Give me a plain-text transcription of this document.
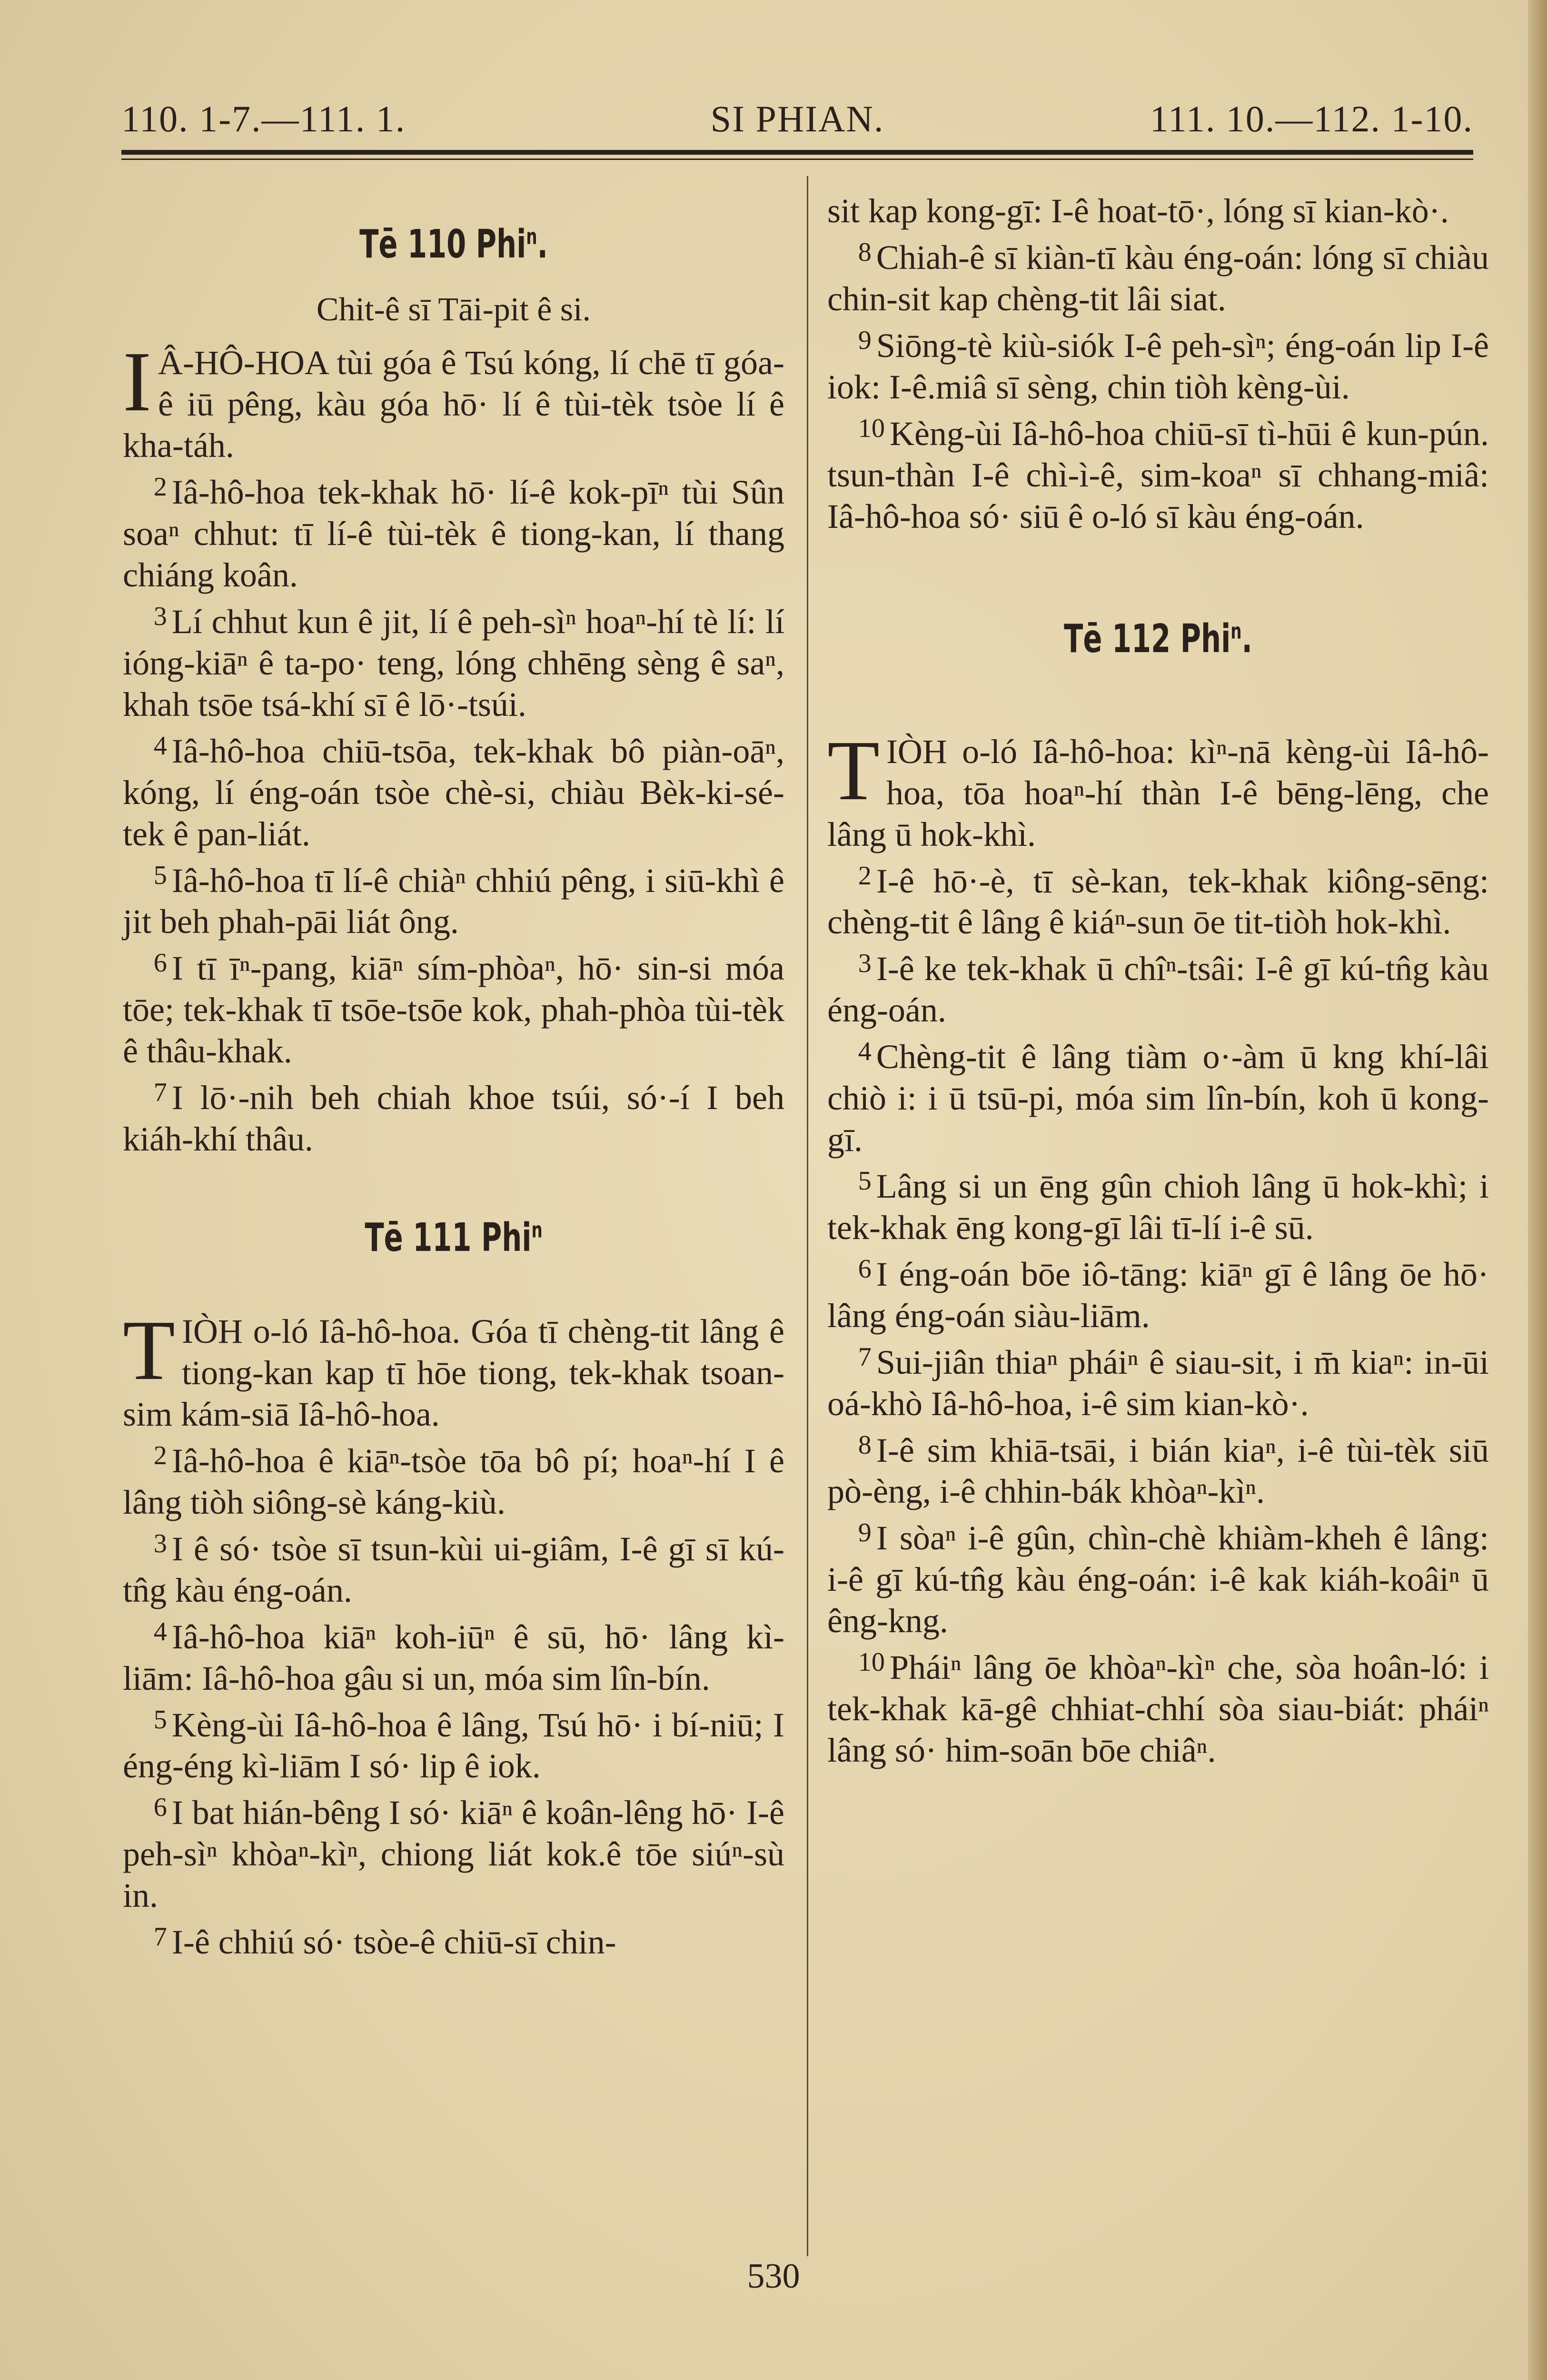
110. 1-7.—111. 1.	SI PHIAN.	111. 10.—112. 1-10.

Tē 110 Phi$^n$.

Chit-ê sī Tāi-pit ê si.

I Â-HÔ-HOA tùi góa ê Tsú kóng, lí chē tī góa-ê iū pêng, kàu góa hō· lí ê tùi-tèk tsòe lí ê kha-táh.

$^2$ Iâ-hô-hoa tek-khak hō· lí-ê kok-pīⁿ tùi Sûn soaⁿ chhut: tī lí-ê tùi-tèk ê tiong-kan, lí thang chiáng koân.

$^3$ Lí chhut kun ê jit, lí ê peh-sìⁿ hoaⁿ-hí tè lí: lí ióng-kiāⁿ ê ta-po· teng, lóng chhēng sèng ê saⁿ, khah tsōe tsá-khí sī ê lō·-tsúi.

$^4$ Iâ-hô-hoa chiū-tsōa, tek-khak bô piàn-oāⁿ, kóng, lí éng-oán tsòe chè-si, chiàu Bèk-ki-sé-tek ê pan-liát.

$^5$ Iâ-hô-hoa tī lí-ê chiàⁿ chhiú pêng, i siū-khì ê jit beh phah-pāi liát ông.

$^6$ I tī īⁿ-pang, kiāⁿ sím-phòaⁿ, hō· sin-si móa tōe; tek-khak tī tsōe-tsōe kok, phah-phòa tùi-tèk ê thâu-khak.

$^7$ I lō·-nih beh chiah khoe tsúi, só·-í I beh kiáh-khí thâu.

Tē 111 Phi$^n$

TIÒH o-ló Iâ-hô-hoa. Góa tī chèng-tit lâng ê tiong-kan kap tī hōe tiong, tek-khak tsoan-sim kám-siā Iâ-hô-hoa.

$^2$ Iâ-hô-hoa ê kiāⁿ-tsòe tōa bô pí; hoaⁿ-hí I ê lâng tiòh siông-sè káng-kiù.

$^3$ I ê só· tsòe sī tsun-kùi ui-giâm, I-ê gī sī kú-tn̂g kàu éng-oán.

$^4$ Iâ-hô-hoa kiāⁿ koh-iūⁿ ê sū, hō· lâng kì-liām: Iâ-hô-hoa gâu si un, móa sim lîn-bín.

$^5$ Kèng-ùi Iâ-hô-hoa ê lâng, Tsú hō· i bí-niū; I éng-éng kì-liām I só· lip ê iok.

$^6$ I bat hián-bêng I só· kiāⁿ ê koân-lêng hō· I-ê peh-sìⁿ khòaⁿ-kìⁿ, chiong liát kok.ê tōe siúⁿ-sù in.

$^7$ I-ê chhiú só· tsòe-ê chiū-sī chin-

sit kap kong-gī: I-ê hoat-tō·, lóng sī kian-kò·.

$^8$ Chiah-ê sī kiàn-tī kàu éng-oán: lóng sī chiàu chin-sit kap chèng-tit lâi siat.

$^9$ Siōng-tè kiù-siók I-ê peh-sìⁿ; éng-oán lip I-ê iok: I-ê.miâ sī sèng, chin tiòh kèng-ùi.

$^{10}$ Kèng-ùi Iâ-hô-hoa chiū-sī tì-hūi ê kun-pún. tsun-thàn I-ê chì-ì-ê, sim-koaⁿ sī chhang-miâ: Iâ-hô-hoa só· siū ê o-ló sī kàu éng-oán.

Tē 112 Phi$^n$.

TIÒH o-ló Iâ-hô-hoa: kìⁿ-nā kèng-ùi Iâ-hô-hoa, tōa hoaⁿ-hí thàn I-ê bēng-lēng, che lâng ū hok-khì.

$^2$ I-ê hō·-è, tī sè-kan, tek-khak kiông-sēng: chèng-tit ê lâng ê kiáⁿ-sun ōe tit-tiòh hok-khì.

$^3$ I-ê ke tek-khak ū chîⁿ-tsâi: I-ê gī kú-tn̂g kàu éng-oán.

$^4$ Chèng-tit ê lâng tiàm o·-àm ū kng khí-lâi chiò i: i ū tsū-pi, móa sim lîn-bín, koh ū kong-gī.

$^5$ Lâng si un ēng gûn chioh lâng ū hok-khì; i tek-khak ēng kong-gī lâi tī-lí i-ê sū.

$^6$ I éng-oán bōe iô-tāng: kiāⁿ gī ê lâng ōe hō· lâng éng-oán siàu-liām.

$^7$ Sui-jiân thiaⁿ pháiⁿ ê siau-sit, i m̄ kiaⁿ: in-ūi oá-khò Iâ-hô-hoa, i-ê sim kian-kò·.

$^8$ I-ê sim khiā-tsāi, i bián kiaⁿ, i-ê tùi-tèk siū pò-èng, i-ê chhin-bák khòaⁿ-kìⁿ.

$^9$ I sòaⁿ i-ê gûn, chìn-chè khiàm-kheh ê lâng: i-ê gī kú-tn̂g kàu éng-oán: i-ê kak kiáh-koâiⁿ ū êng-kng.

$^{10}$ Pháiⁿ lâng ōe khòaⁿ-kìⁿ che, sòa hoân-ló: i tek-khak kā-gê chhiat-chhí sòa siau-biát: pháiⁿ lâng só· him-soān bōe chiâⁿ.

530
